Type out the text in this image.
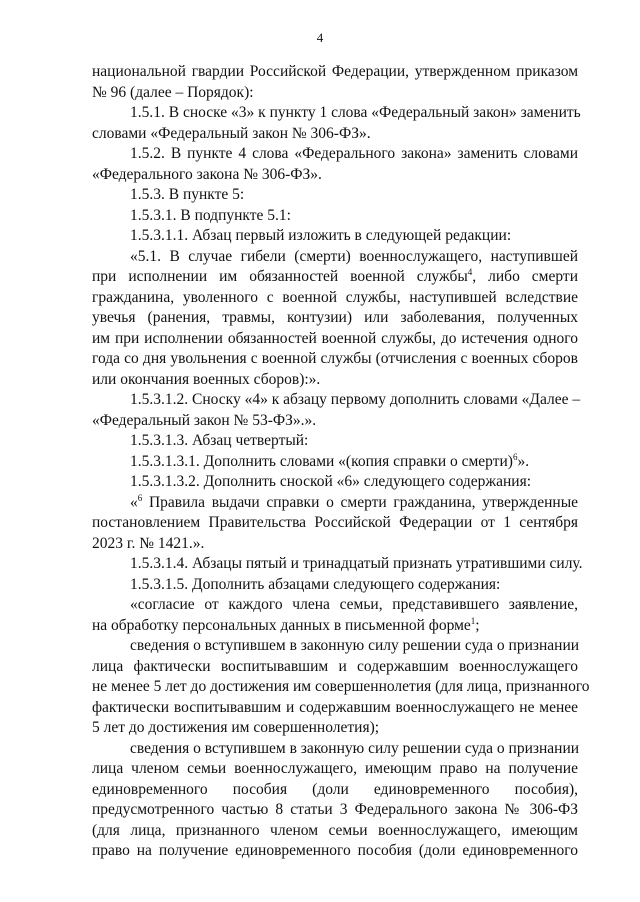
4
национальной гвардии Российской Федерации, утвержденном приказом
№ 96 (далее – Порядок):
1.5.1. В сноске «3» к пункту 1 слова «Федеральный закон» заменить
словами «Федеральный закон № 306-ФЗ».
1.5.2. В пункте 4 слова «Федерального закона» заменить словами
«Федерального закона № 306-ФЗ».
1.5.3. В пункте 5:
1.5.3.1. В подпункте 5.1:
1.5.3.1.1. Абзац первый изложить в следующей редакции:
«5.1. В случае гибели (смерти) военнослужащего, наступившей
при исполнении им обязанностей военной службы$^4$, либо смерти
гражданина, уволенного с военной службы, наступившей вследствие
увечья (ранения, травмы, контузии) или заболевания, полученных
им при исполнении обязанностей военной службы, до истечения одного
года со дня увольнения с военной службы (отчисления с военных сборов
или окончания военных сборов):».
1.5.3.1.2. Сноску «4» к абзацу первому дополнить словами «Далее –
«Федеральный закон № 53-ФЗ».».
1.5.3.1.3. Абзац четвертый:
1.5.3.1.3.1. Дополнить словами «(копия справки о смерти)$^6$».
1.5.3.1.3.2. Дополнить сноской «6» следующего содержания:
«$^6$ Правила выдачи справки о смерти гражданина, утвержденные
постановлением Правительства Российской Федерации от 1 сентября
2023 г. № 1421.».
1.5.3.1.4. Абзацы пятый и тринадцатый признать утратившими силу.
1.5.3.1.5. Дополнить абзацами следующего содержания:
«согласие от каждого члена семьи, представившего заявление,
на обработку персональных данных в письменной форме$^1$;
сведения о вступившем в законную силу решении суда о признании
лица фактически воспитывавшим и содержавшим военнослужащего
не менее 5 лет до достижения им совершеннолетия (для лица, признанного
фактически воспитывавшим и содержавшим военнослужащего не менее
5 лет до достижения им совершеннолетия);
сведения о вступившем в законную силу решении суда о признании
лица членом семьи военнослужащего, имеющим право на получение
единовременного пособия (доли единовременного пособия),
предусмотренного частью 8 статьи 3 Федерального закона № 306-ФЗ
(для лица, признанного членом семьи военнослужащего, имеющим
право на получение единовременного пособия (доли единовременного
